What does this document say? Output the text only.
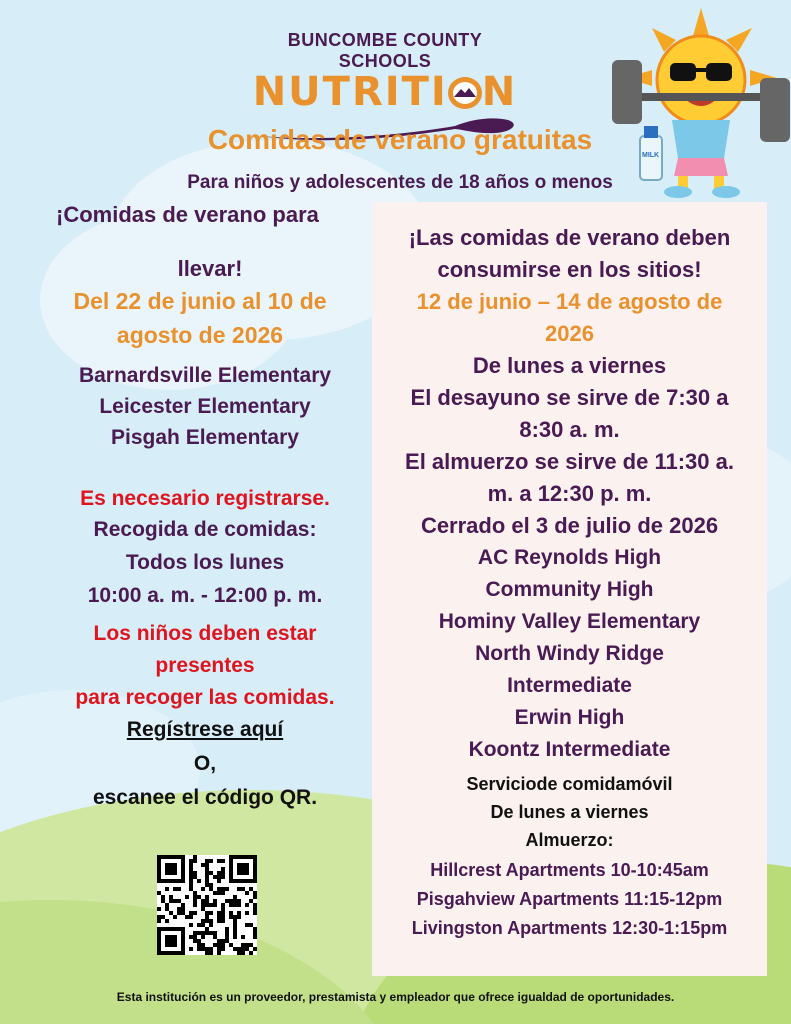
BUNCOMBE COUNTY SCHOOLS
NUTRITI N
MILK
Comidas de verano gratuitas
Para niños y adolescentes de 18 años o menos
¡Comidas de verano para
llevar!
Del 22 de junio al 10 de
agosto de 2026
Barnardsville Elementary
Leicester Elementary
Pisgah Elementary
Es necesario registrarse.
Recogida de comidas:
Todos los lunes
10:00 a. m. - 12:00 p. m.
Los niños deben estar
presentes
para recoger las comidas.
Regístrese aquí
O,
escanee el código QR.
¡Las comidas de verano deben
consumirse en los sitios!
12 de junio – 14 de agosto de
2026
De lunes a viernes
El desayuno se sirve de 7:30 a
8:30 a. m.
El almuerzo se sirve de 11:30 a.
m. a 12:30 p. m.
Cerrado el 3 de julio de 2026
AC Reynolds High
Community High
Hominy Valley Elementary
North Windy Ridge
Intermediate
Erwin High
Koontz Intermediate
Serviciode comidamóvil
De lunes a viernes
Almuerzo:
Hillcrest Apartments 10-10:45am
Pisgahview Apartments 11:15-12pm
Livingston Apartments 12:30-1:15pm
Esta institución es un proveedor, prestamista y empleador que ofrece igualdad de oportunidades.
